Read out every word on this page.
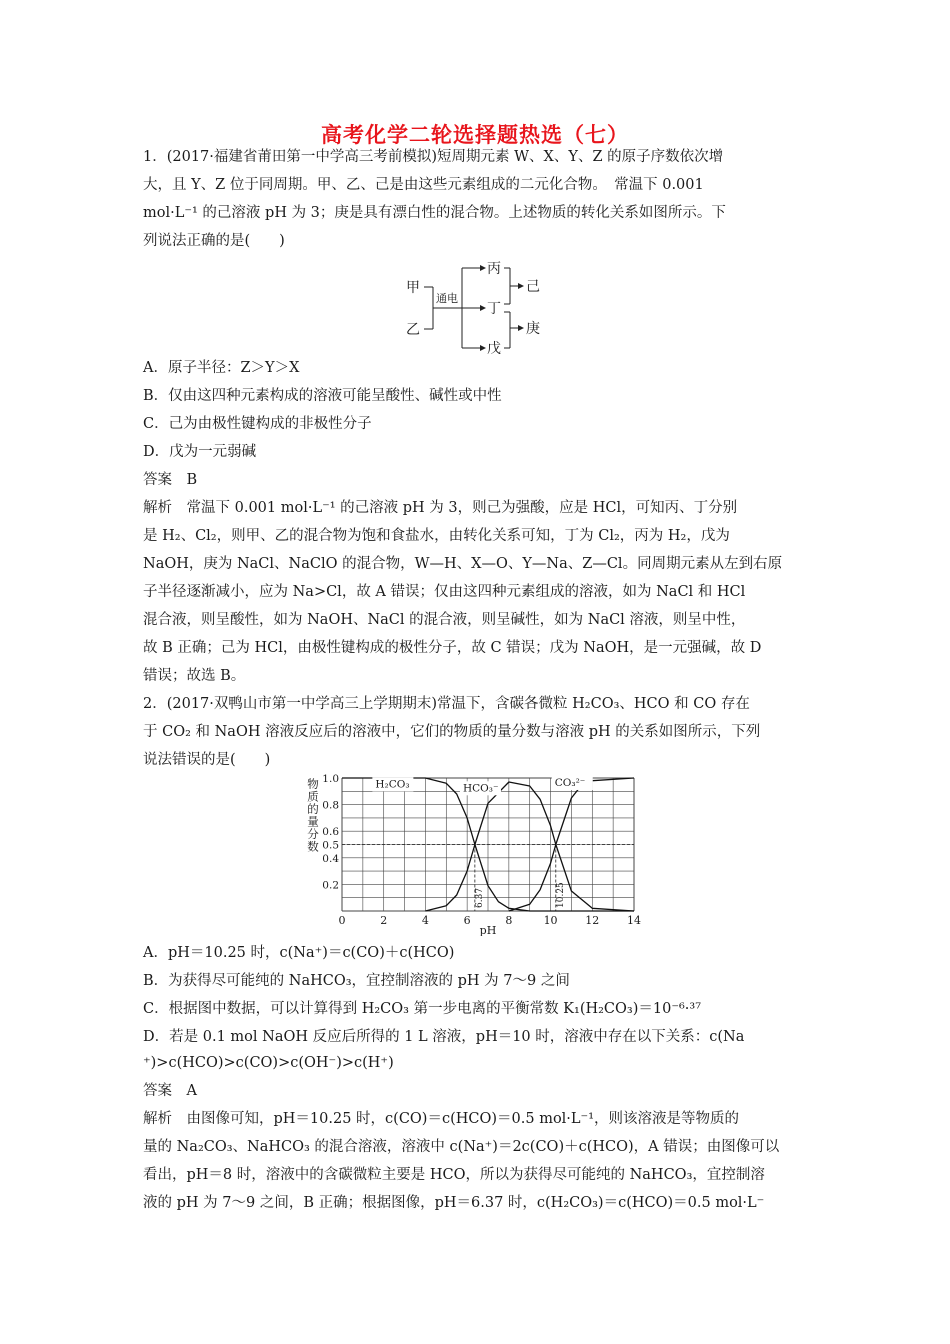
高考化学二轮选择题热选（七）
1．(2017·福建省莆田第一中学高三考前模拟)短周期元素 W、X、Y、Z 的原子序数依次增
大，且 Y、Z 位于同周期。甲、乙、己是由这些元素组成的二元化合物。　常温下 0.001
mol·L⁻¹ 的己溶液 pH 为 3；庚是具有漂白性的混合物。上述物质的转化关系如图所示。下
列说法正确的是(　　)
甲
乙
通电
丙
丁
戊
己
庚
A．原子半径：Z＞Y＞X
B．仅由这四种元素构成的溶液可能呈酸性、碱性或中性
C．己为由极性键构成的非极性分子
D．戊为一元弱碱
答案　B
解析　常温下 0.001 mol·L⁻¹ 的己溶液 pH 为 3，则己为强酸，应是 HCl，可知丙、丁分别
是 H₂、Cl₂，则甲、乙的混合物为饱和食盐水，由转化关系可知，丁为 Cl₂，丙为 H₂，戊为
NaOH，庚为 NaCl、NaClO 的混合物，W—H、X—O、Y—Na、Z—Cl。同周期元素从左到右原
子半径逐渐减小，应为 Na>Cl，故 A 错误；仅由这四种元素组成的溶液，如为 NaCl 和 HCl
混合液，则呈酸性，如为 NaOH、NaCl 的混合液，则呈碱性，如为 NaCl 溶液，则呈中性，
故 B 正确；己为 HCl，由极性键构成的极性分子，故 C 错误；戊为 NaOH，是一元强碱，故 D
错误；故选 B。
2．(2017·双鸭山市第一中学高三上学期期末)常温下，含碳各微粒 H₂CO₃、HCO 和 CO 存在
于 CO₂ 和 NaOH 溶液反应后的溶液中，它们的物质的量分数与溶液 pH 的关系如图所示，下列
说法错误的是(　　)
6.37	10.25
0	2	4	6	8	10	12	14
pH
0.2
0.4
0.5
0.6
0.8
1.0
物质的量分数
H₂CO₃	HCO₃⁻	CO₃²⁻
A．pH＝10.25 时，c(Na⁺)＝c(CO)＋c(HCO)
B．为获得尽可能纯的 NaHCO₃，宜控制溶液的 pH 为 7～9 之间
C．根据图中数据，可以计算得到 H₂CO₃ 第一步电离的平衡常数 K₁(H₂CO₃)＝10⁻⁶·³⁷
D．若是 0.1 mol NaOH 反应后所得的 1 L 溶液，pH＝10 时，溶液中存在以下关系：c(Na
⁺)>c(HCO)>c(CO)>c(OH⁻)>c(H⁺)
答案　A
解析　由图像可知，pH＝10.25 时，c(CO)＝c(HCO)＝0.5 mol·L⁻¹，则该溶液是等物质的
量的 Na₂CO₃、NaHCO₃ 的混合溶液，溶液中 c(Na⁺)＝2c(CO)＋c(HCO)，A 错误；由图像可以
看出，pH＝8 时，溶液中的含碳微粒主要是 HCO，所以为获得尽可能纯的 NaHCO₃，宜控制溶
液的 pH 为 7～9 之间，B 正确；根据图像，pH＝6.37 时，c(H₂CO₃)＝c(HCO)＝0.5 mol·L⁻
